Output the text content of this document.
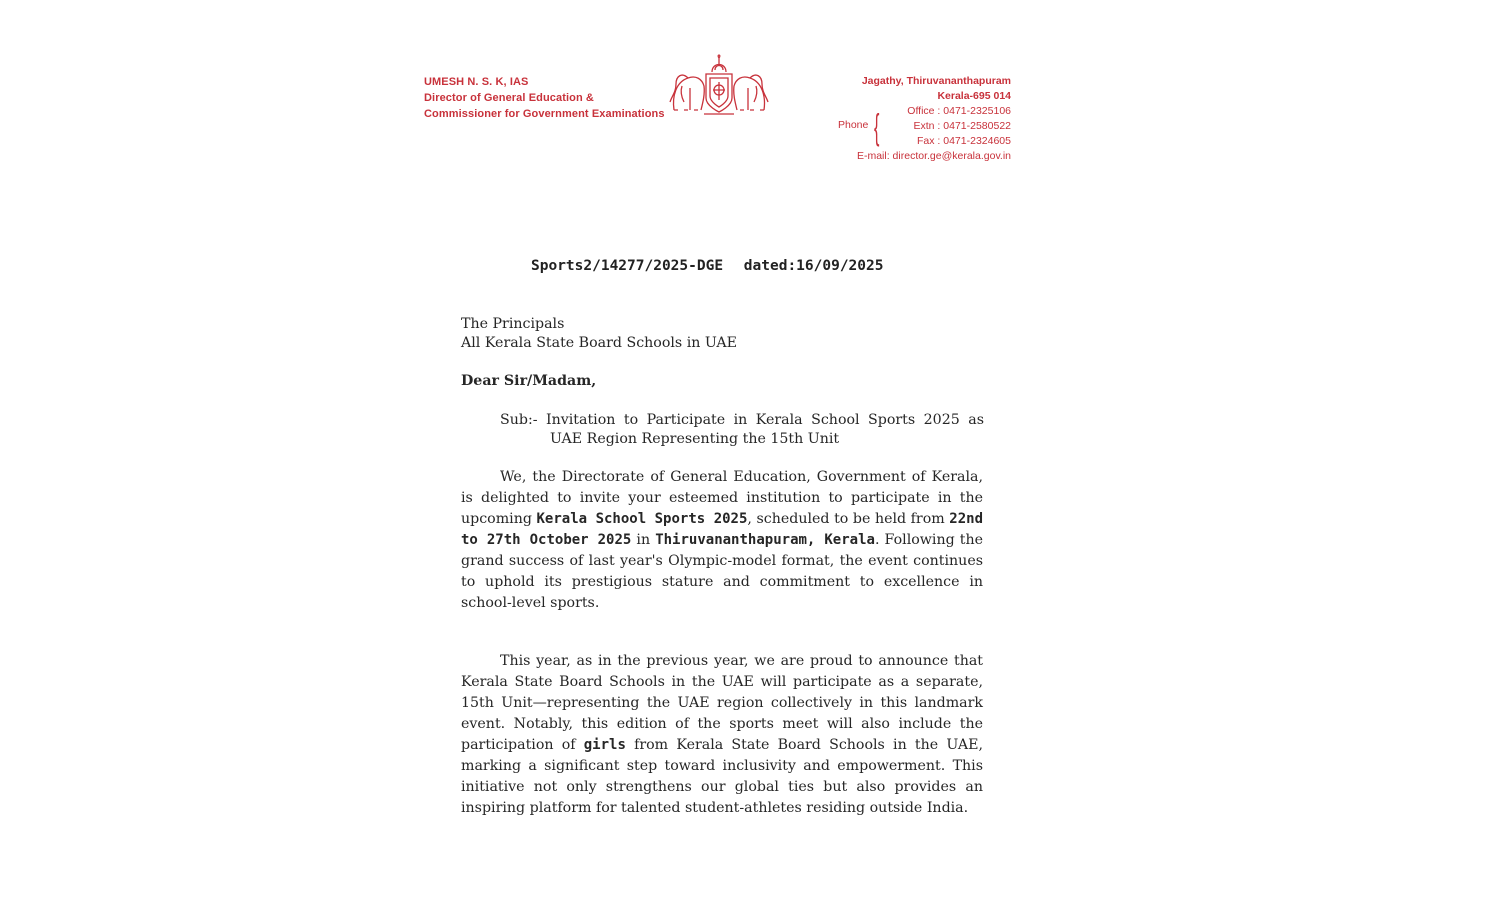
UMESH N. S. K, IAS
Director of General Education &
Commissioner for Government Examinations
Jagathy, Thiruvananthapuram
Kerala-695 014
Phone {	Office : 0471-2325106
Extn : 0471-2580522
Fax : 0471-2324605
E-mail: director.ge@kerala.gov.in
Sports2/14277/2025-DGE dated:16/09/2025
The Principals
All Kerala State Board Schools in UAE
Dear Sir/Madam,
Sub:- Invitation to Participate in Kerala School Sports 2025 as
UAE Region Representing the 15th Unit
We, the Directorate of General Education, Government of Kerala, is delighted to invite your esteemed institution to participate in the upcoming Kerala School Sports 2025, scheduled to be held from 22nd to 27th October 2025 in Thiruvananthapuram, Kerala. Following the grand success of last year's Olympic-model format, the event continues to uphold its prestigious stature and commitment to excellence in school-level sports.
This year, as in the previous year, we are proud to announce that Kerala State Board Schools in the UAE will participate as a separate, 15th Unit—representing the UAE region collectively in this landmark event. Notably, this edition of the sports meet will also include the participation of girls from Kerala State Board Schools in the UAE, marking a significant step toward inclusivity and empowerment. This initiative not only strengthens our global ties but also provides an inspiring platform for talented student-athletes residing outside India.
